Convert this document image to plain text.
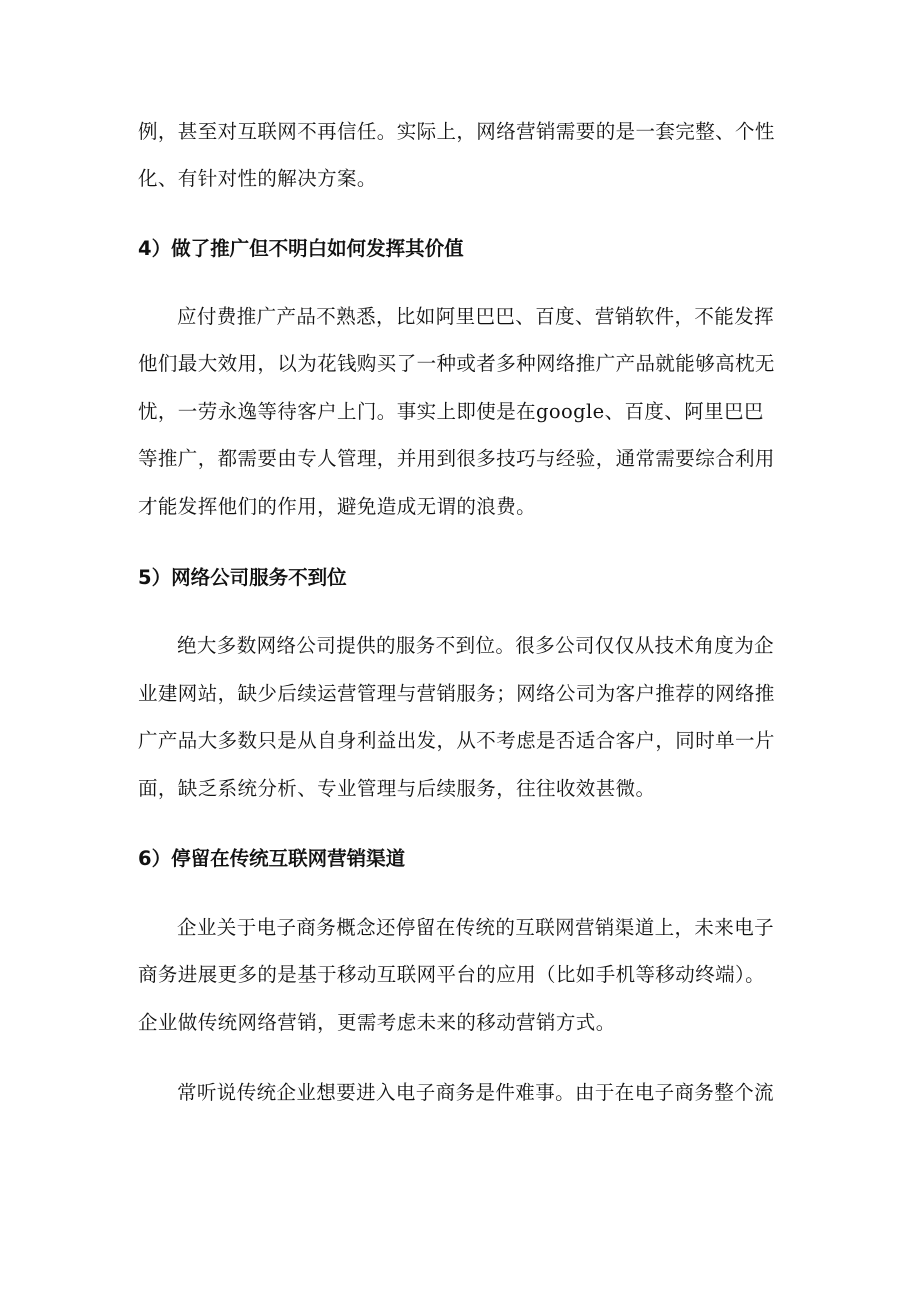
例，甚至对互联网不再信任。实际上，网络营销需要的是一套完整、个性
化、有针对性的解决方案。
4）做了推广但不明白如何发挥其价值
应付费推广产品不熟悉，比如阿里巴巴、百度、营销软件，不能发挥
他们最大效用，以为花钱购买了一种或者多种网络推广产品就能够高枕无
忧，一劳永逸等待客户上门。事实上即使是在google、百度、阿里巴巴
等推广，都需要由专人管理，并用到很多技巧与经验，通常需要综合利用
才能发挥他们的作用，避免造成无谓的浪费。
5）网络公司服务不到位
绝大多数网络公司提供的服务不到位。很多公司仅仅从技术角度为企
业建网站，缺少后续运营管理与营销服务；网络公司为客户推荐的网络推
广产品大多数只是从自身利益出发，从不考虑是否适合客户，同时单一片
面，缺乏系统分析、专业管理与后续服务，往往收效甚微。
6）停留在传统互联网营销渠道
企业关于电子商务概念还停留在传统的互联网营销渠道上，未来电子
商务进展更多的是基于移动互联网平台的应用（比如手机等移动终端）。
企业做传统网络营销，更需考虑未来的移动营销方式。
常听说传统企业想要进入电子商务是件难事。由于在电子商务整个流
